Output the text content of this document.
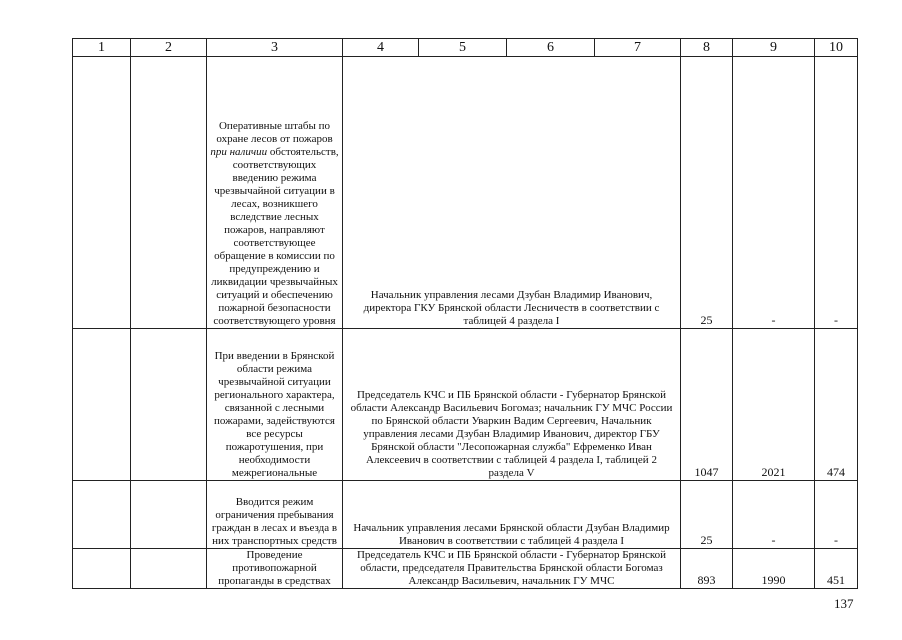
1	2	3	4	5	6	7	8	9	10
		Оперативные штабы по охране лесов от пожаров при наличии обстоятельств, соответствующих введению режима чрезвычайной ситуации в лесах, возникшего вследствие лесных пожаров, направляют соответствующее обращение в комиссии по предупреждению и ликвидации чрезвычайных ситуаций и обеспечению пожарной безопасности соответствующего уровня	Начальник управления лесами Дзубан Владимир Иванович, директора ГКУ Брянской области Лесничеств в соответствии с таблицей 4 раздела I				25	-	-
		При введении в Брянской области режима чрезвычайной ситуации регионального характера, связанной с лесными пожарами, задействуются все ресурсы пожаротушения, при необходимости межрегиональные	Председатель КЧС и ПБ Брянской области - Губернатор Брянской области Александр Васильевич Богомаз; начальник ГУ МЧС России по Брянской области Уваркин Вадим Сергеевич, Начальник управления лесами Дзубан Владимир Иванович, директор ГБУ Брянской области "Лесопожарная служба" Ефременко Иван Алексеевич в соответствии с таблицей 4 раздела I, таблицей 2 раздела V				1047	2021	474
		Вводится режим ограничения пребывания граждан в лесах и въезда в них транспортных средств	Начальник управления лесами Брянской области Дзубан Владимир Иванович в соответствии с таблицей 4 раздела I				25	-	-
		Проведение противопожарной пропаганды в средствах	Председатель КЧС и ПБ Брянской области - Губернатор Брянской области, председателя Правительства Брянской области Богомаз Александр Васильевич, начальник ГУ МЧС				893	1990	451
137
